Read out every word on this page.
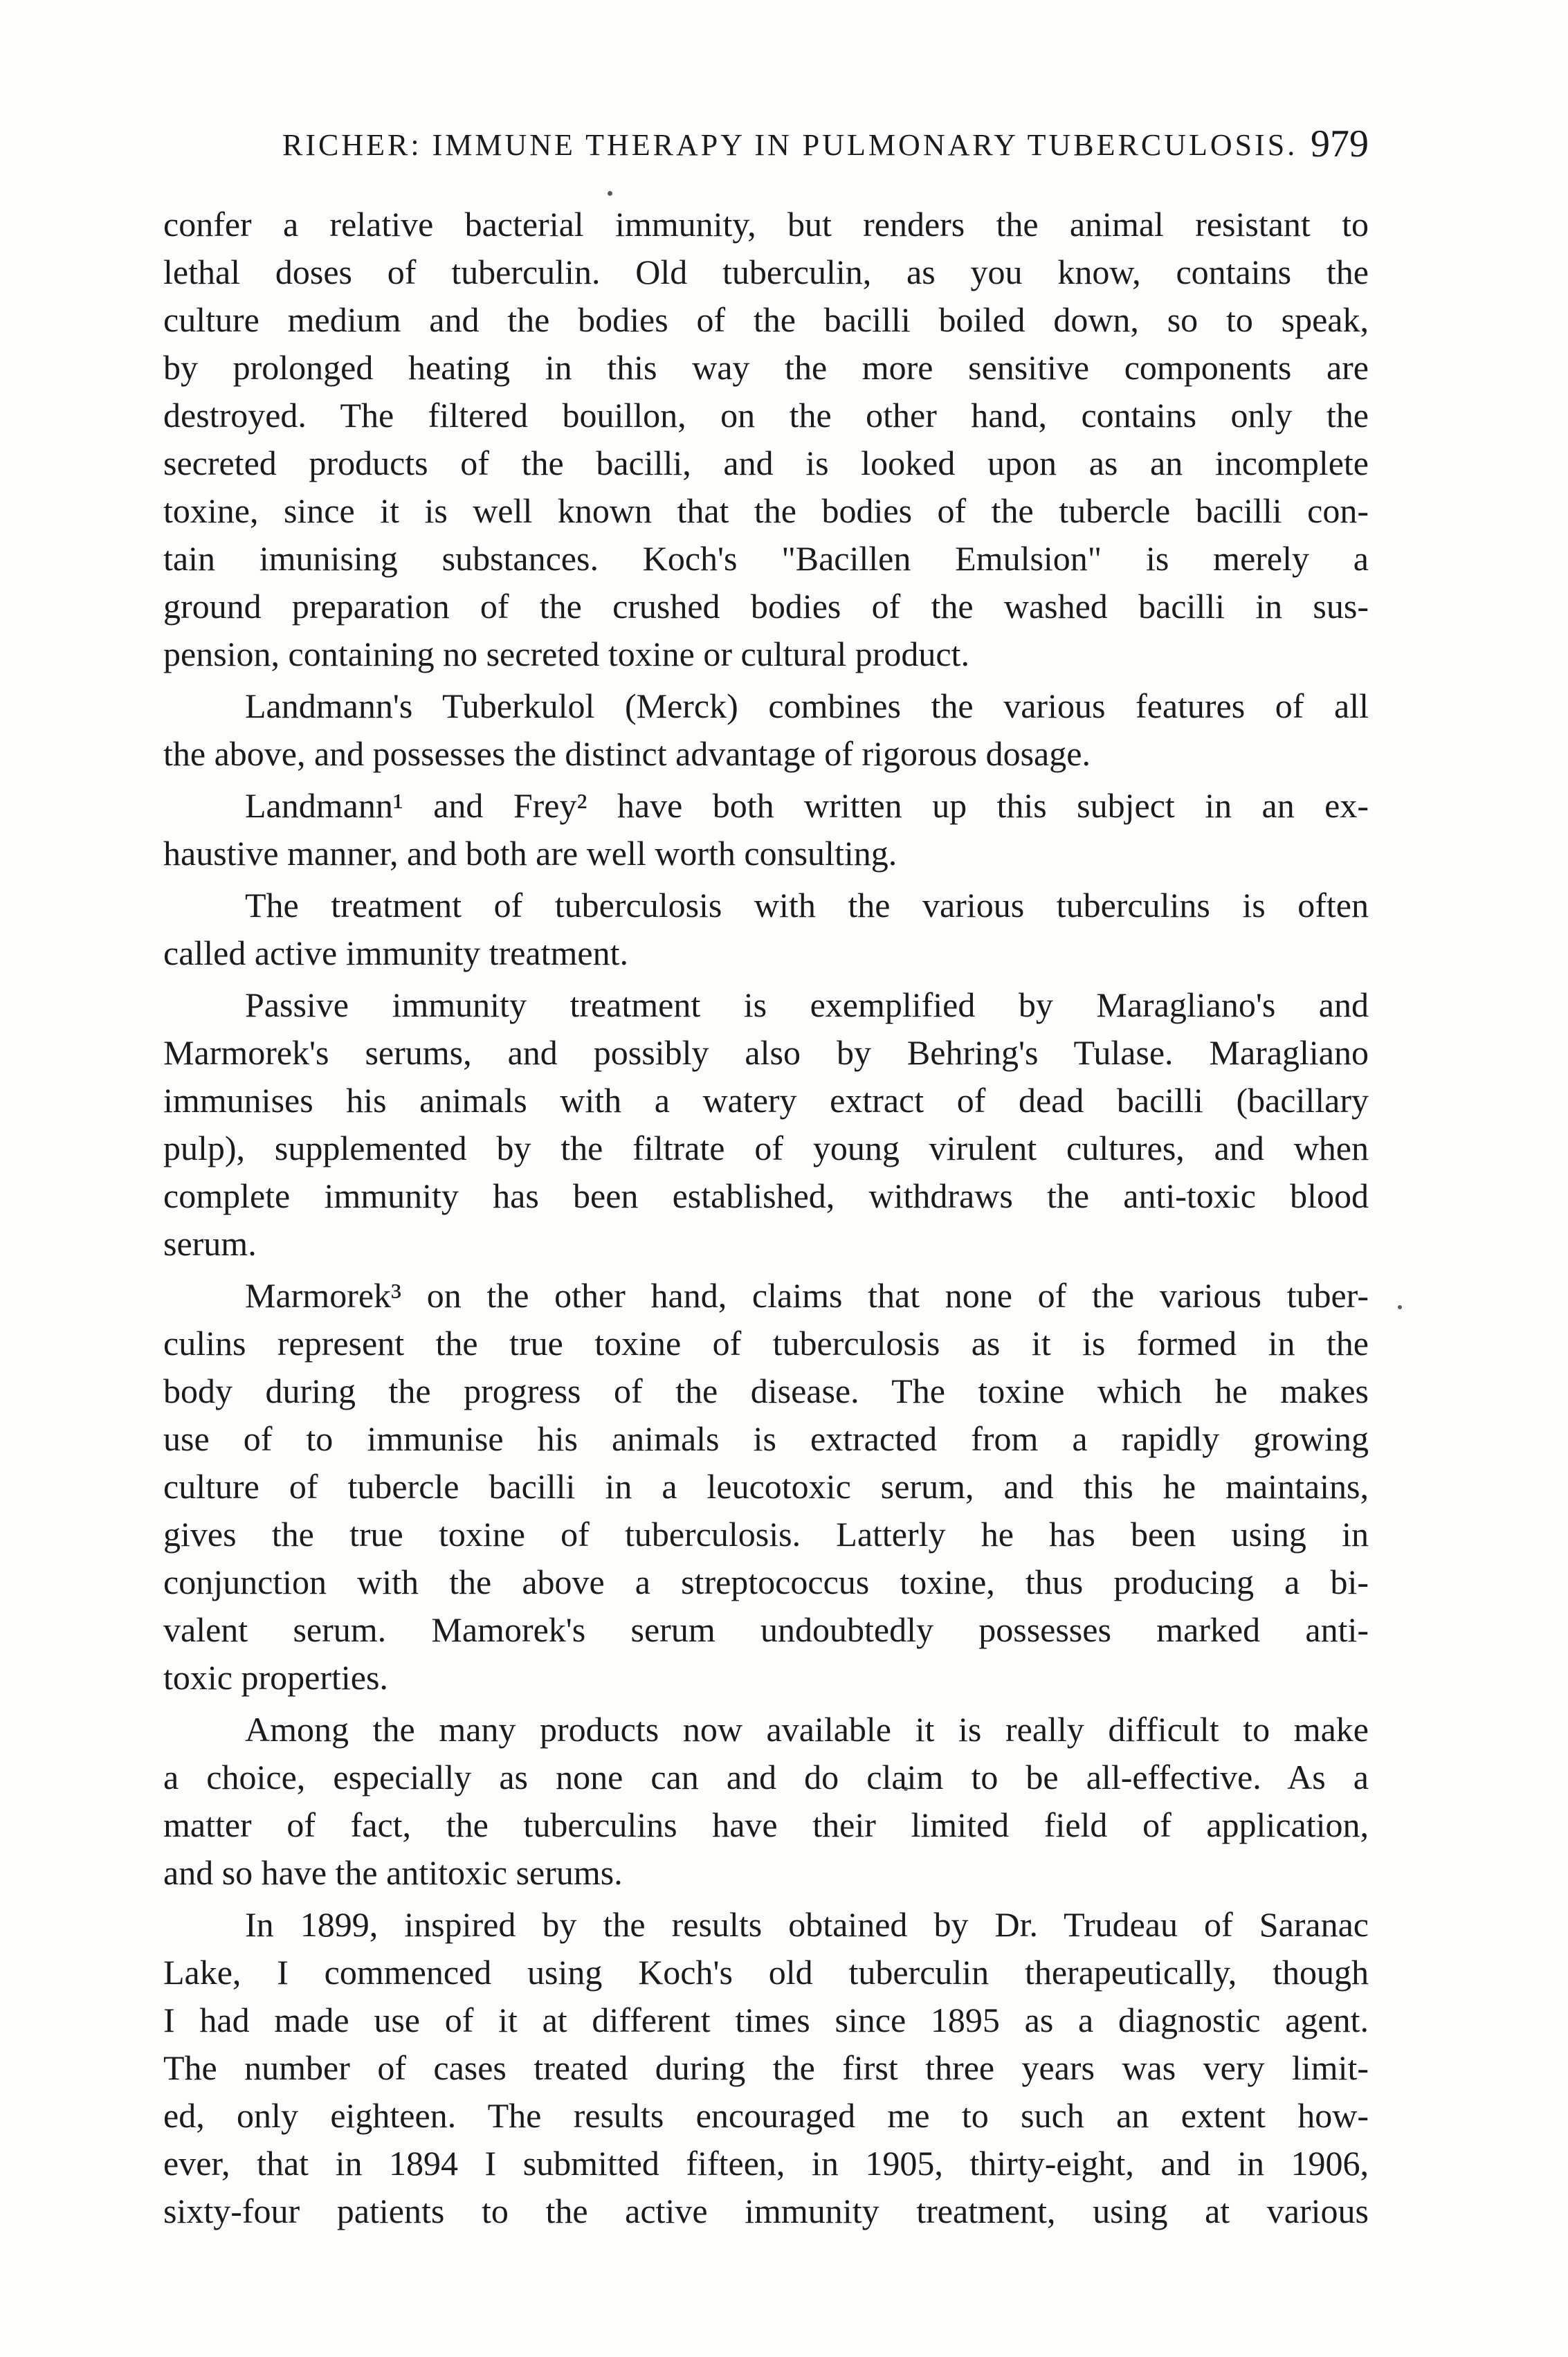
RICHER: IMMUNE THERAPY IN PULMONARY TUBERCULOSIS. 979
confer a relative bacterial immunity, but renders the animal resistant to
lethal doses of tuberculin. Old tuberculin, as you know, contains the
culture medium and the bodies of the bacilli boiled down, so to speak,
by prolonged heating in this way the more sensitive components are
destroyed. The filtered bouillon, on the other hand, contains only the
secreted products of the bacilli, and is looked upon as an incomplete
toxine, since it is well known that the bodies of the tubercle bacilli con-
tain imunising substances. Koch's "Bacillen Emulsion" is merely a
ground preparation of the crushed bodies of the washed bacilli in sus-
pension, containing no secreted toxine or cultural product.
Landmann's Tuberkulol (Merck) combines the various features of all
the above, and possesses the distinct advantage of rigorous dosage.
Landmann¹ and Frey² have both written up this subject in an ex-
haustive manner, and both are well worth consulting.
The treatment of tuberculosis with the various tuberculins is often
called active immunity treatment.
Passive immunity treatment is exemplified by Maragliano's and
Marmorek's serums, and possibly also by Behring's Tulase. Maragliano
immunises his animals with a watery extract of dead bacilli (bacillary
pulp), supplemented by the filtrate of young virulent cultures, and when
complete immunity has been established, withdraws the anti-toxic blood
serum.
Marmorek³ on the other hand, claims that none of the various tuber-
culins represent the true toxine of tuberculosis as it is formed in the
body during the progress of the disease. The toxine which he makes
use of to immunise his animals is extracted from a rapidly growing
culture of tubercle bacilli in a leucotoxic serum, and this he maintains,
gives the true toxine of tuberculosis. Latterly he has been using in
conjunction with the above a streptococcus toxine, thus producing a bi-
valent serum. Mamorek's serum undoubtedly possesses marked anti-
toxic properties.
Among the many products now available it is really difficult to make
a choice, especially as none can and do claim to be all-effective. As a
matter of fact, the tuberculins have their limited field of application,
and so have the antitoxic serums.
In 1899, inspired by the results obtained by Dr. Trudeau of Saranac
Lake, I commenced using Koch's old tuberculin therapeutically, though
I had made use of it at different times since 1895 as a diagnostic agent.
The number of cases treated during the first three years was very limit-
ed, only eighteen. The results encouraged me to such an extent how-
ever, that in 1894 I submitted fifteen, in 1905, thirty-eight, and in 1906,
sixty-four patients to the active immunity treatment, using at various
